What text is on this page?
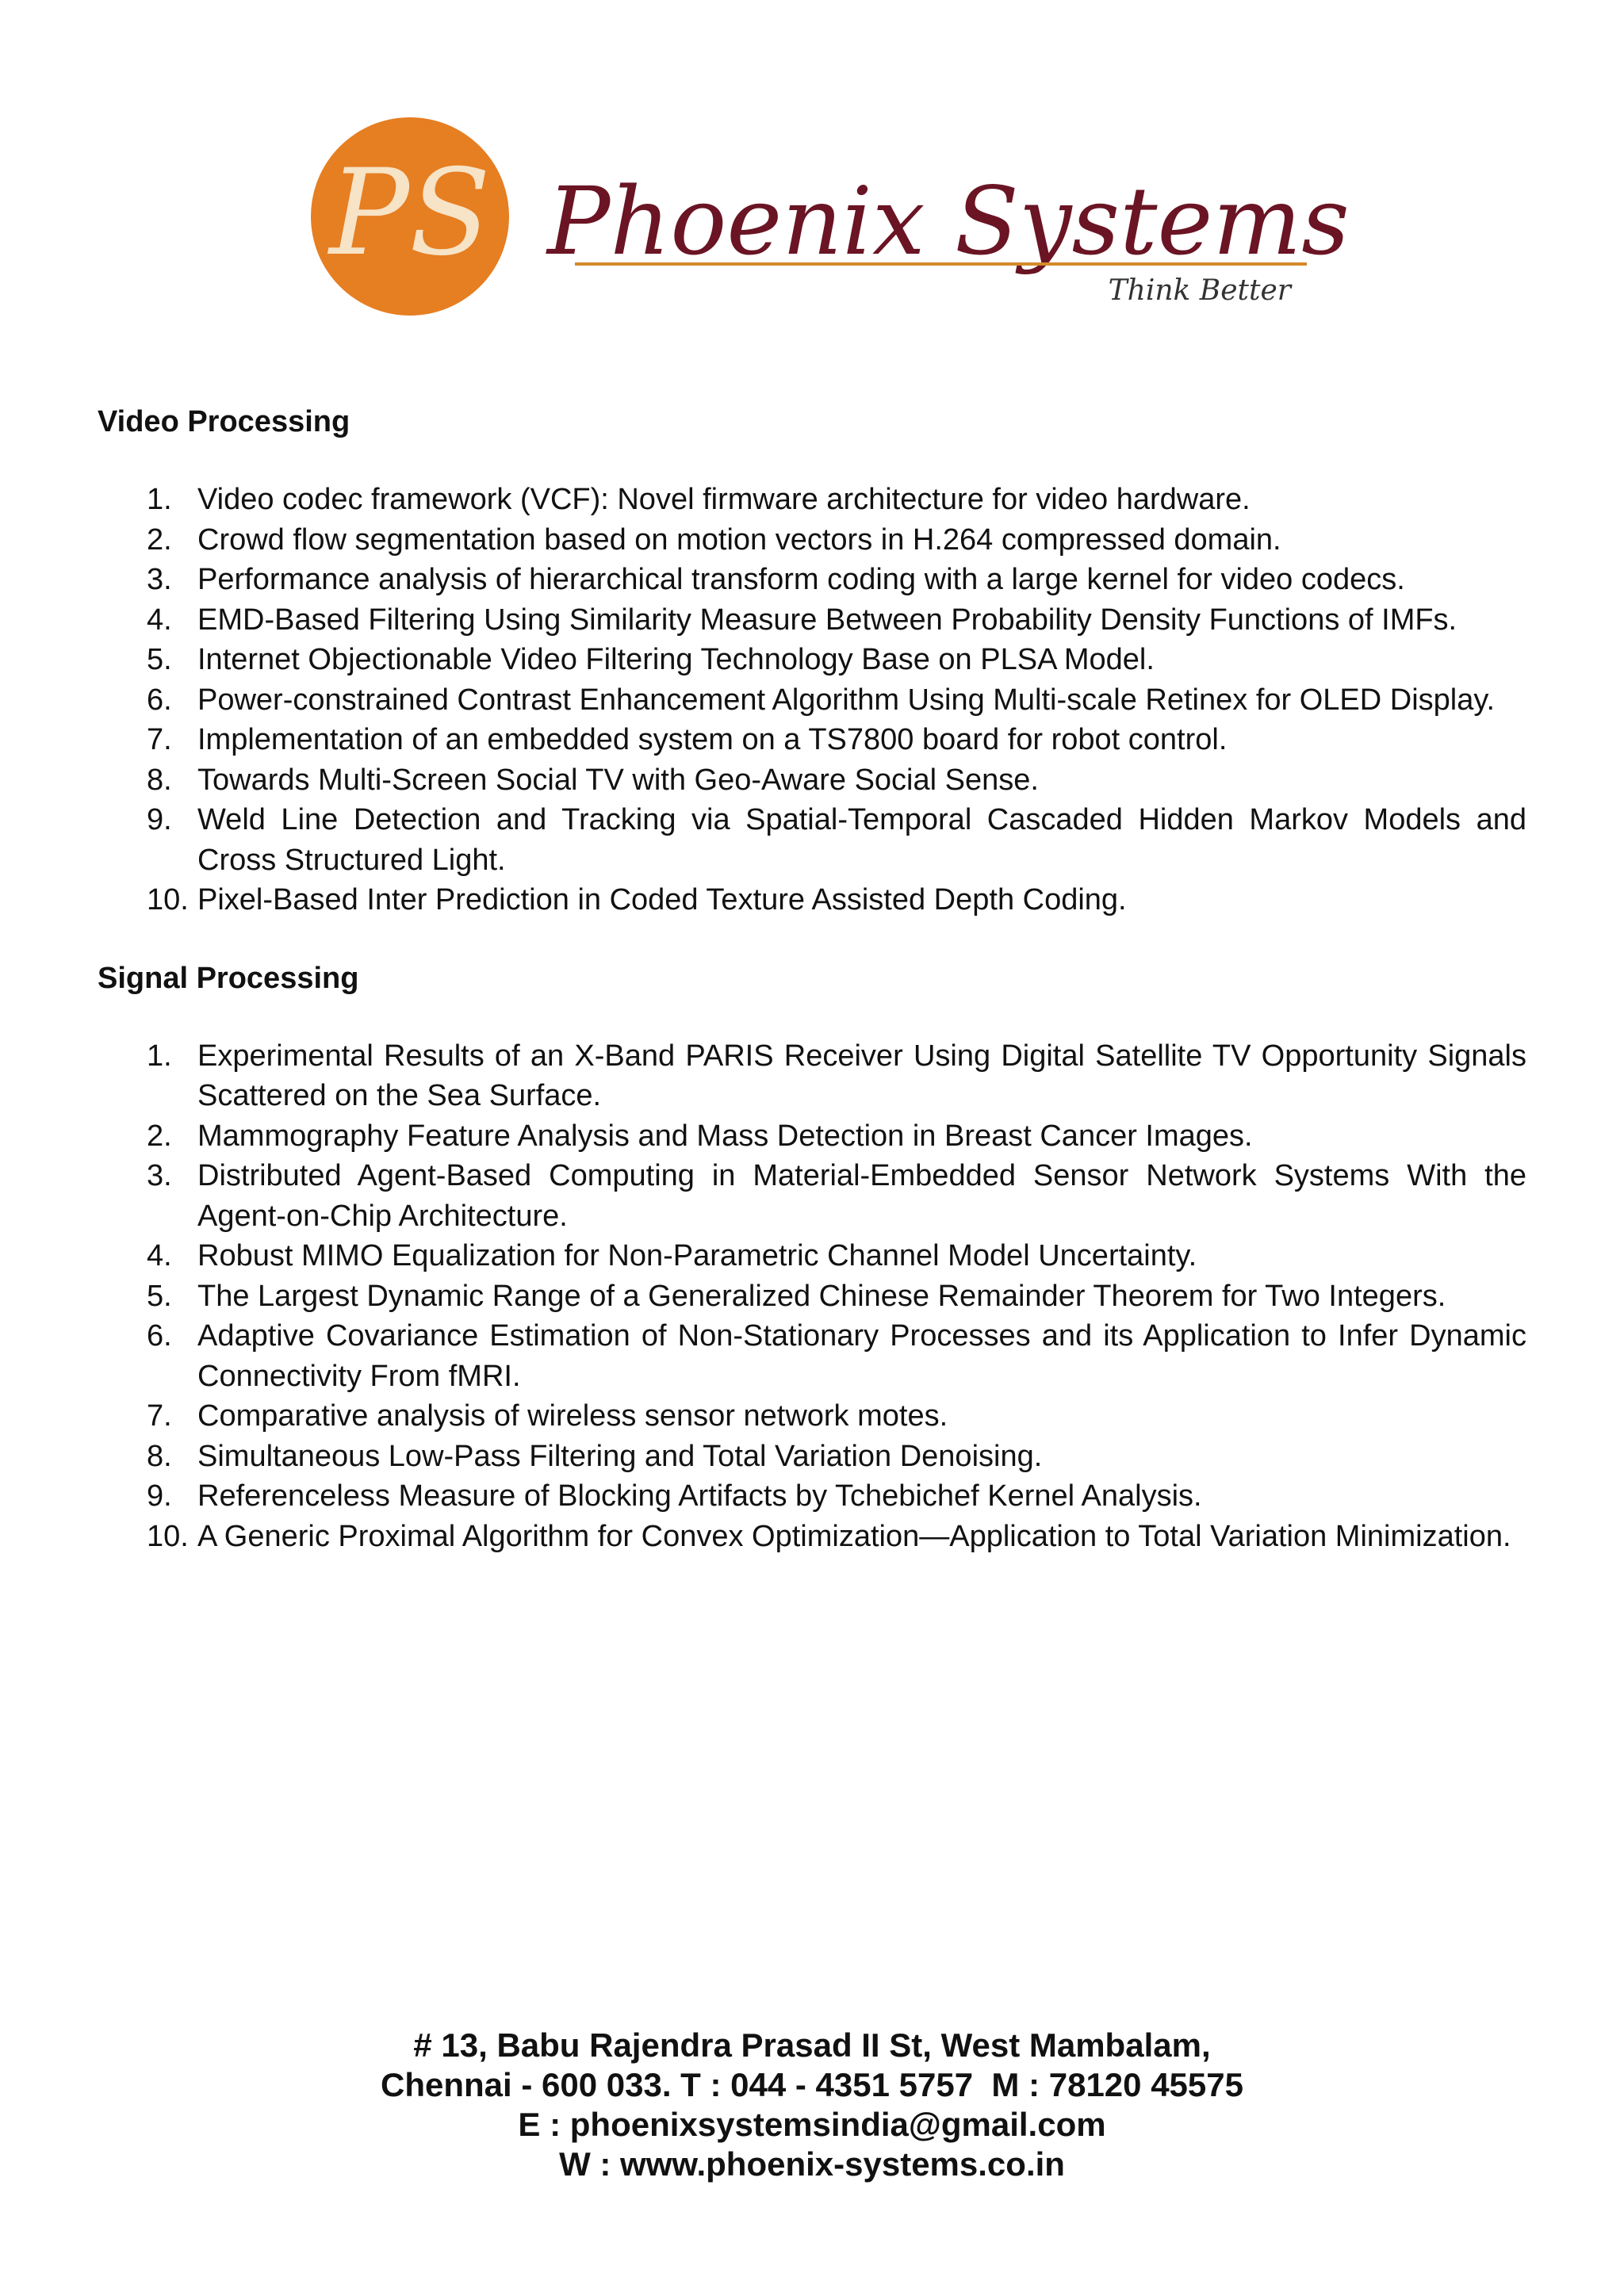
PS Phoenix Systems
Think Better
Video Processing
1. Video codec framework (VCF): Novel firmware architecture for video hardware.
2. Crowd flow segmentation based on motion vectors in H.264 compressed domain.
3. Performance analysis of hierarchical transform coding with a large kernel for video codecs.
4. EMD-Based Filtering Using Similarity Measure Between Probability Density Functions of IMFs.
5. Internet Objectionable Video Filtering Technology Base on PLSA Model.
6. Power-constrained Contrast Enhancement Algorithm Using Multi-scale Retinex for OLED Display.
7. Implementation of an embedded system on a TS7800 board for robot control.
8. Towards Multi-Screen Social TV with Geo-Aware Social Sense.
9. Weld Line Detection and Tracking via Spatial-Temporal Cascaded Hidden Markov Models and Cross Structured Light.
10. Pixel-Based Inter Prediction in Coded Texture Assisted Depth Coding.
Signal Processing
1. Experimental Results of an X-Band PARIS Receiver Using Digital Satellite TV Opportunity Signals Scattered on the Sea Surface.
2. Mammography Feature Analysis and Mass Detection in Breast Cancer Images.
3. Distributed Agent-Based Computing in Material-Embedded Sensor Network Systems With the Agent-on-Chip Architecture.
4. Robust MIMO Equalization for Non-Parametric Channel Model Uncertainty.
5. The Largest Dynamic Range of a Generalized Chinese Remainder Theorem for Two Integers.
6. Adaptive Covariance Estimation of Non-Stationary Processes and its Application to Infer Dynamic Connectivity From fMRI.
7. Comparative analysis of wireless sensor network motes.
8. Simultaneous Low-Pass Filtering and Total Variation Denoising.
9. Referenceless Measure of Blocking Artifacts by Tchebichef Kernel Analysis.
10. A Generic Proximal Algorithm for Convex Optimization—Application to Total Variation Minimization.
# 13, Babu Rajendra Prasad II St, West Mambalam,
Chennai - 600 033. T : 044 - 4351 5757  M : 78120 45575
E : phoenixsystemsindia@gmail.com
W : www.phoenix-systems.co.in
